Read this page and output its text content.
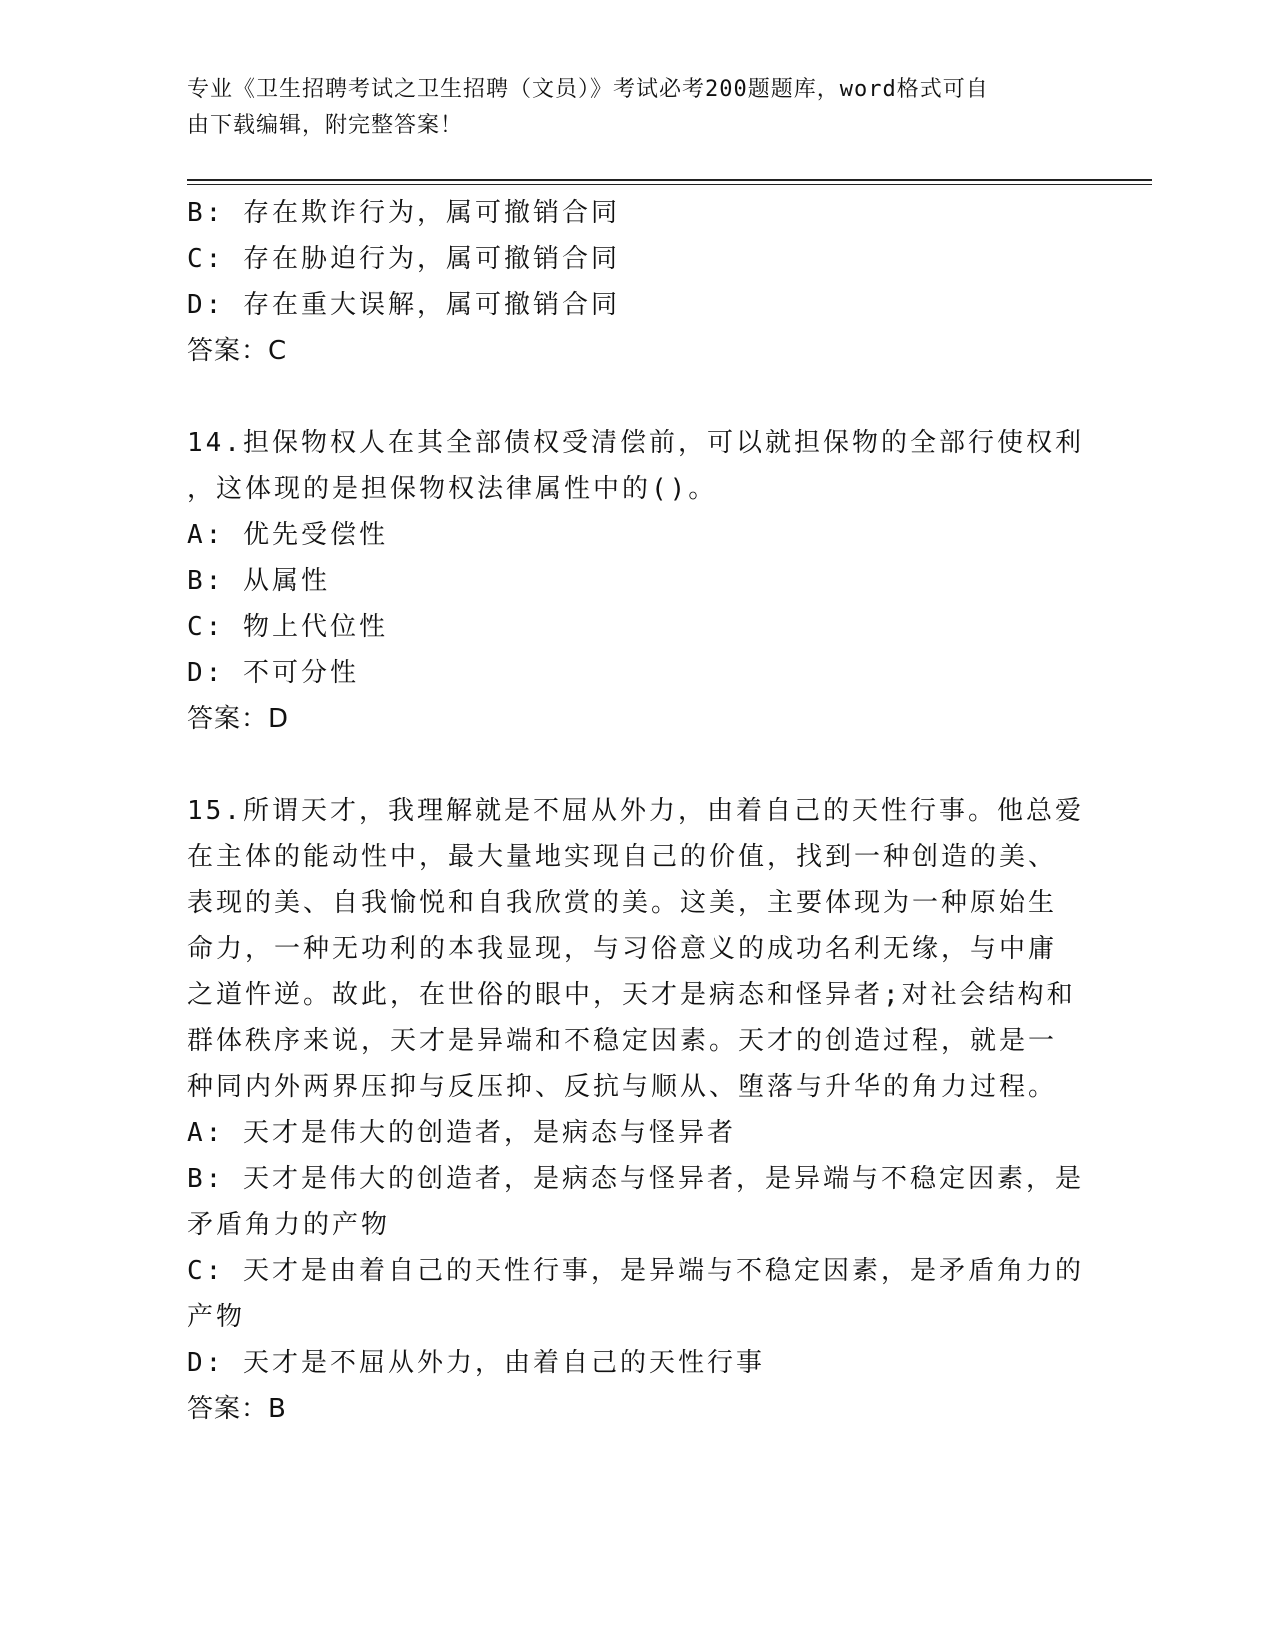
专业《卫生招聘考试之卫生招聘（文员）》考试必考200题题库，word格式可自
由下载编辑，附完整答案！
B: 存在欺诈行为，属可撤销合同
C: 存在胁迫行为，属可撤销合同
D: 存在重大误解，属可撤销合同
答案：C
14.担保物权人在其全部债权受清偿前，可以就担保物的全部行使权利
，这体现的是担保物权法律属性中的()。
A: 优先受偿性
B: 从属性
C: 物上代位性
D: 不可分性
答案：D
15.所谓天才，我理解就是不屈从外力，由着自己的天性行事。他总爱
在主体的能动性中，最大量地实现自己的价值，找到一种创造的美、
表现的美、自我愉悦和自我欣赏的美。这美，主要体现为一种原始生
命力，一种无功利的本我显现，与习俗意义的成功名利无缘，与中庸
之道忤逆。故此，在世俗的眼中，天才是病态和怪异者;对社会结构和
群体秩序来说，天才是异端和不稳定因素。天才的创造过程，就是一
种同内外两界压抑与反压抑、反抗与顺从、堕落与升华的角力过程。
A: 天才是伟大的创造者，是病态与怪异者
B: 天才是伟大的创造者，是病态与怪异者，是异端与不稳定因素，是
矛盾角力的产物
C: 天才是由着自己的天性行事，是异端与不稳定因素，是矛盾角力的
产物
D: 天才是不屈从外力，由着自己的天性行事
答案：B
